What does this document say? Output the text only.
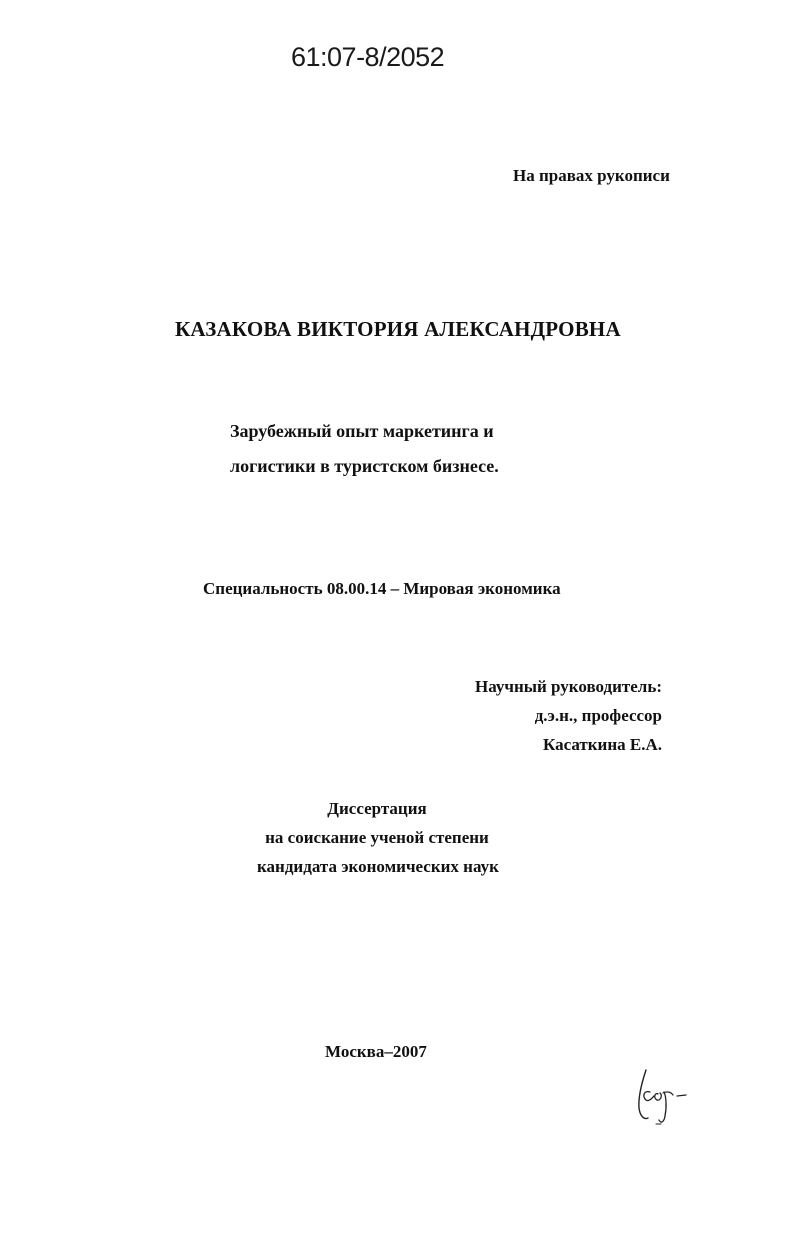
61:07-8/2052
На правах рукописи
КАЗАКОВА ВИКТОРИЯ АЛЕКСАНДРОВНА
Зарубежный опыт маркетинга и
логистики в туристском бизнесе.
Специальность 08.00.14 – Мировая экономика
Научный руководитель:
д.э.н., профессор
Касаткина Е.А.
Диссертация
на соискание ученой степени
кандидата экономических наук
Москва–2007
